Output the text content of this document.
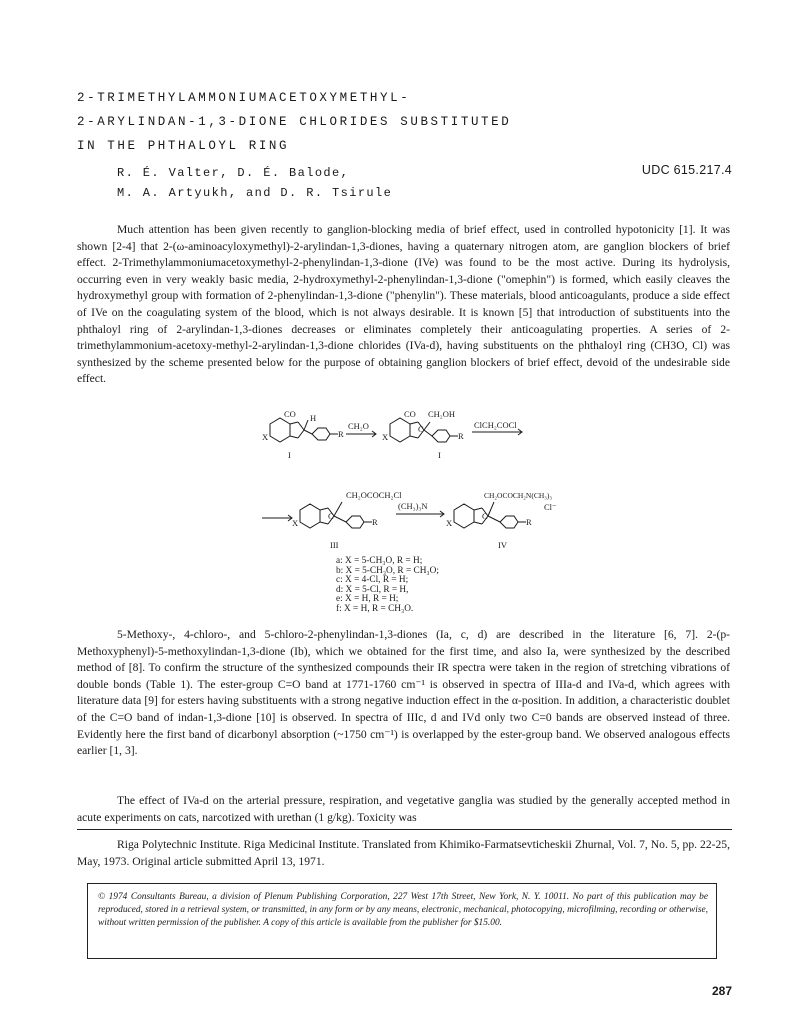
2-TRIMETHYLAMMONIUMACETOXYMETHYL-
2-ARYLINDAN-1,3-DIONE CHLORIDES SUBSTITUTED
IN THE PHTHALOYL RING
R. É. Valter, D. É. Balode,
M. A. Artyukh, and D. R. Tsirule
UDC 615.217.4

Much attention has been given recently to ganglion-blocking media of brief effect, used in controlled hypotonicity [1]. It was shown [2-4] that 2-(ω-aminoacyloxymethyl)-2-arylindan-1,3-diones, having a quaternary nitrogen atom, are ganglion blockers of brief effect. 2-Trimethylammoniumacetoxymethyl-2-phenylindan-1,3-dione (IVe) was found to be the most active. During its hydrolysis, occurring even in very weakly basic media, 2-hydroxymethyl-2-phenylindan-1,3-dione ("omephin") is formed, which easily cleaves the hydroxymethyl group with formation of 2-phenylindan-1,3-dione ("phenylin"). These materials, blood anticoagulants, produce a side effect of IVe on the coagulating system of the blood, which is not always desirable. It is known [5] that introduction of substituents into the phthaloyl ring of 2-arylindan-1,3-diones decreases or eliminates completely their anticoagulating properties. A series of 2-trimethylammonium-acetoxy-methyl-2-arylindan-1,3-dione chlorides (IVa-d), having substituents on the phthaloyl ring (CH3O, Cl) was synthesized by the scheme presented below for the purpose of obtaining ganglion blockers of brief effect, devoid of the undesirable side effect.

CO H
X	R
I
CH₂O
CO CH₂OH
C
X	R
I
ClCH₂COCl
CH₂OCOCH₂Cl
(CH₃)₃N
X
C
R
III
CH₂OCOCH₂N(CH₃)₃
Cl⁻
X
C
R
IV
a: X = 5-CH₃O, R = H;
b: X = 5-CH₃O, R = CH₃O;
c: X = 4-Cl, R = H;
d: X = 5-Cl, R = H,
e: X = H, R = H;
f: X = H, R = CH₃O.

5-Methoxy-, 4-chloro-, and 5-chloro-2-phenylindan-1,3-diones (Ia, c, d) are described in the literature [6, 7]. 2-(p-Methoxyphenyl)-5-methoxylindan-1,3-dione (Ib), which we obtained for the first time, and also Ia, were synthesized by the described method of [8]. To confirm the structure of the synthesized compounds their IR spectra were taken in the region of stretching vibrations of double bonds (Table 1). The ester-group C=O band at 1771-1760 cm⁻¹ is observed in spectra of IIIa-d and IVa-d, which agrees with literature data [9] for esters having substituents with a strong negative induction effect in the α-position. In addition, a characteristic doublet of the C=O band of indan-1,3-dione [10] is observed. In spectra of IIIc, d and IVd only two C=0 bands are observed instead of three. Evidently here the first band of dicarbonyl absorption (~1750 cm⁻¹) is overlapped by the ester-group band. We observed analogous effects earlier [1, 3].

The effect of IVa-d on the arterial pressure, respiration, and vegetative ganglia was studied by the generally accepted method in acute experiments on cats, narcotized with urethan (1 g/kg). Toxicity was

Riga Polytechnic Institute. Riga Medicinal Institute. Translated from Khimiko-Farmatsevticheskii Zhurnal, Vol. 7, No. 5, pp. 22-25, May, 1973. Original article submitted April 13, 1971.

© 1974 Consultants Bureau, a division of Plenum Publishing Corporation, 227 West 17th Street, New York, N. Y. 10011. No part of this publication may be reproduced, stored in a retrieval system, or transmitted, in any form or by any means, electronic, mechanical, photocopying, microfilming, recording or otherwise, without written permission of the publisher. A copy of this article is available from the publisher for $15.00.
287
